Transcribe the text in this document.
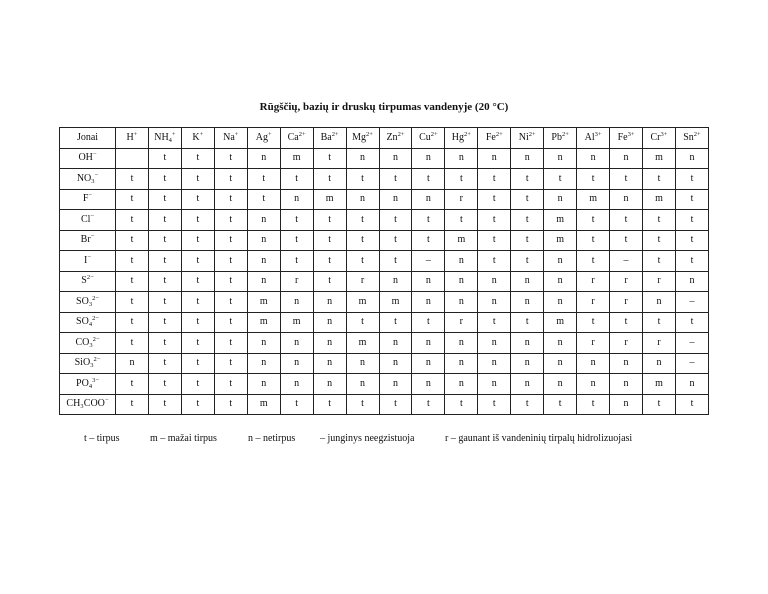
Rūgščių, bazių ir druskų tirpumas vandenyje (20 °C)
Jonai	H+	$NH_4^+$	K+	Na+	Ag+	$Ca^{2+}$	$Ba^{2+}$	$Mg^{2+}$	$Zn^{2+}$	$Cu^{2+}$	$Hg^{2+}$	$Fe^{2+}$	$Ni^{2+}$	$Pb^{2+}$	$Al^{3+}$	$Fe^{3+}$	$Cr^{3+}$	$Sn^{2+}$
OH−		t	t	t	n	m	t	n	n	n	n	n	n	n	n	n	m	n
$NO_3^-$	t	t	t	t	t	t	t	t	t	t	t	t	t	t	t	t	t	t
F−	t	t	t	t	t	n	m	n	n	n	r	t	t	n	m	n	m	t
Cl−	t	t	t	t	n	t	t	t	t	t	t	t	t	m	t	t	t	t
Br−	t	t	t	t	n	t	t	t	t	t	m	t	t	m	t	t	t	t
I−	t	t	t	t	n	t	t	t	t	–	n	t	t	n	t	–	t	t
$S^{2-}$	t	t	t	t	n	r	t	r	n	n	n	n	n	n	r	r	r	n
$SO_3^{2-}$	t	t	t	t	m	n	n	m	m	n	n	n	n	n	r	r	n	–
$SO_4^{2-}$	t	t	t	t	m	m	n	t	t	t	r	t	t	m	t	t	t	t
$CO_3^{2-}$	t	t	t	t	n	n	n	m	n	n	n	n	n	n	r	r	r	–
SiO$_3^{2-}$	n	t	t	t	n	n	n	n	n	n	n	n	n	n	n	n	n	–
$PO_4^{3-}$	t	t	t	t	n	n	n	n	n	n	n	n	n	n	n	n	m	n
CH₃COO−	t	t	t	t	m	t	t	t	t	t	t	t	t	t	t	n	t	t
t – tirpus	m – mažai tirpus	n – netirpus – junginys neegzistuoja	r – gaunant iš vandeninių tirpalų hidrolizuojasi
